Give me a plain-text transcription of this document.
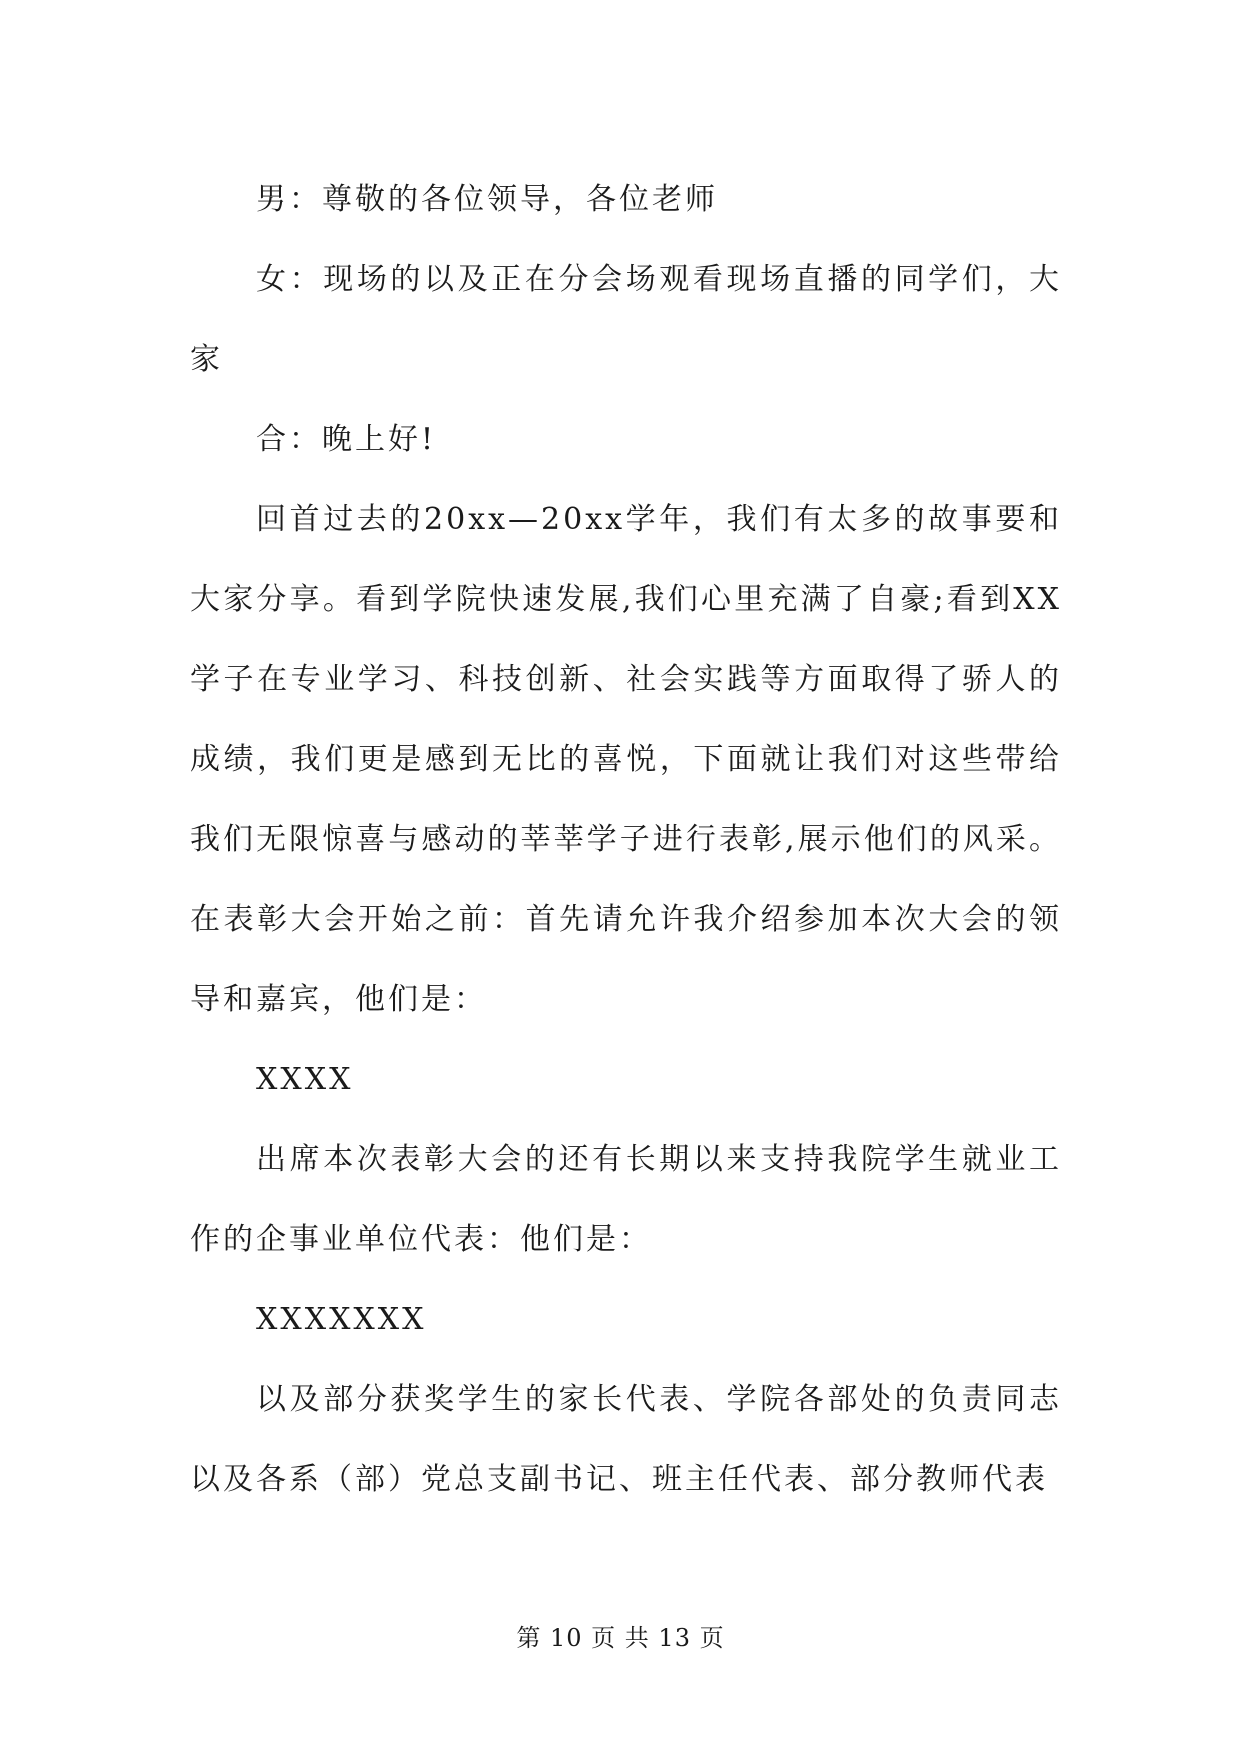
男：尊敬的各位领导，各位老师

女：现场的以及正在分会场观看现场直播的同学们，大家

合：晚上好!

回首过去的20xx—20xx学年，我们有太多的故事要和大家分享。看到学院快速发展,我们心里充满了自豪;看到XX学子在专业学习、科技创新、社会实践等方面取得了骄人的成绩，我们更是感到无比的喜悦，下面就让我们对这些带给我们无限惊喜与感动的莘莘学子进行表彰,展示他们的风采。在表彰大会开始之前：首先请允许我介绍参加本次大会的领导和嘉宾，他们是：

XXXX

出席本次表彰大会的还有长期以来支持我院学生就业工作的企事业单位代表：他们是：

XXXXXXX

以及部分获奖学生的家长代表、学院各部处的负责同志以及各系（部）党总支副书记、班主任代表、部分教师代表

第 10 页 共 13 页
